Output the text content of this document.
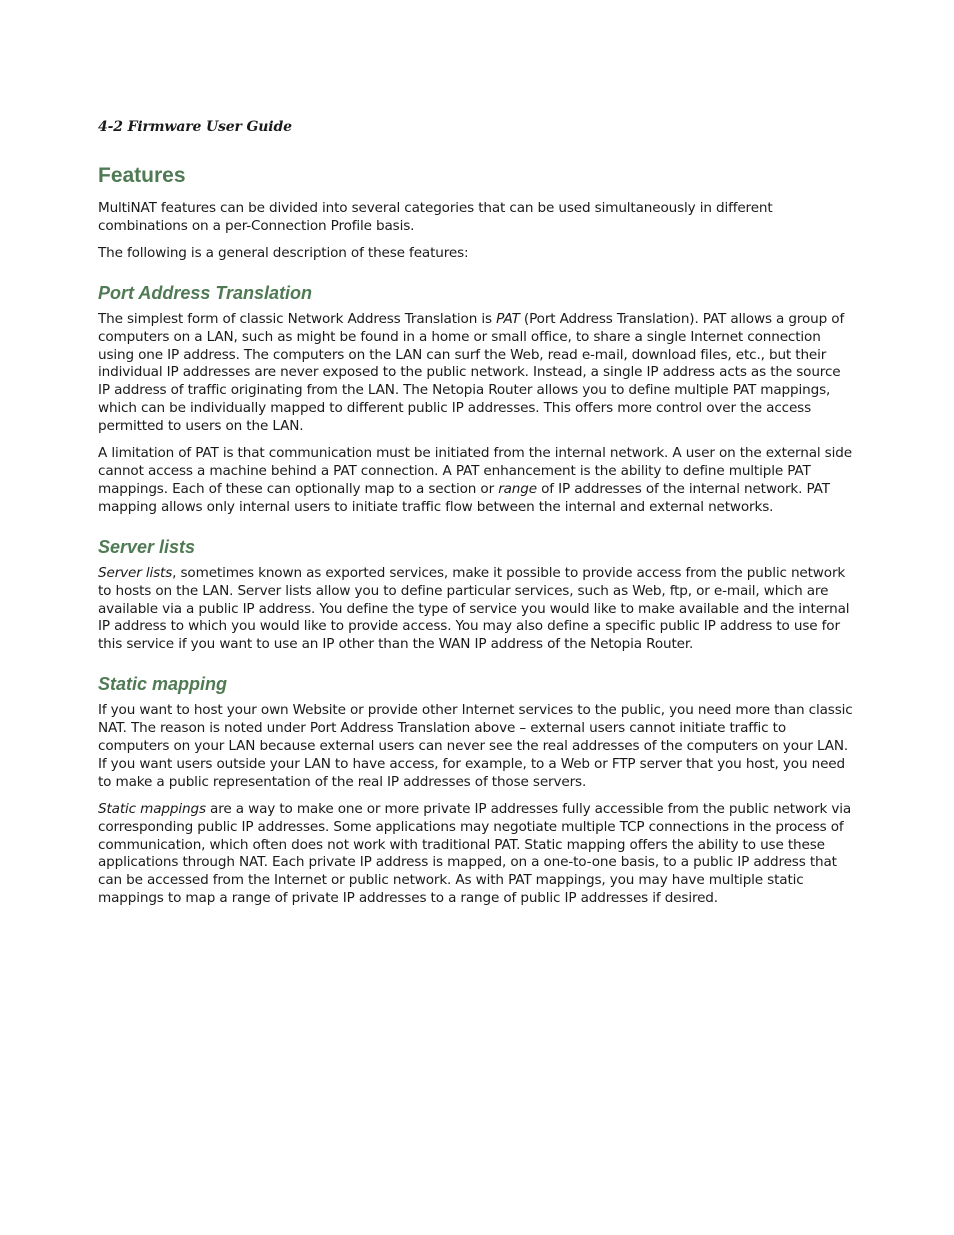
4-2 Firmware User Guide

Features

MultiNAT features can be divided into several categories that can be used simultaneously in different combinations on a per-Connection Profile basis.

The following is a general description of these features:

Port Address Translation

The simplest form of classic Network Address Translation is PAT (Port Address Translation). PAT allows a group of computers on a LAN, such as might be found in a home or small office, to share a single Internet connection using one IP address. The computers on the LAN can surf the Web, read e-mail, download files, etc., but their individual IP addresses are never exposed to the public network. Instead, a single IP address acts as the source IP address of traffic originating from the LAN. The Netopia Router allows you to define multiple PAT mappings, which can be individually mapped to different public IP addresses. This offers more control over the access permitted to users on the LAN.

A limitation of PAT is that communication must be initiated from the internal network. A user on the external side cannot access a machine behind a PAT connection. A PAT enhancement is the ability to define multiple PAT mappings. Each of these can optionally map to a section or range of IP addresses of the internal network. PAT mapping allows only internal users to initiate traffic flow between the internal and external networks.

Server lists

Server lists, sometimes known as exported services, make it possible to provide access from the public network to hosts on the LAN. Server lists allow you to define particular services, such as Web, ftp, or e-mail, which are available via a public IP address. You define the type of service you would like to make available and the internal IP address to which you would like to provide access. You may also define a specific public IP address to use for this service if you want to use an IP other than the WAN IP address of the Netopia Router.

Static mapping

If you want to host your own Website or provide other Internet services to the public, you need more than classic NAT. The reason is noted under Port Address Translation above – external users cannot initiate traffic to computers on your LAN because external users can never see the real addresses of the computers on your LAN. If you want users outside your LAN to have access, for example, to a Web or FTP server that you host, you need to make a public representation of the real IP addresses of those servers.

Static mappings are a way to make one or more private IP addresses fully accessible from the public network via corresponding public IP addresses. Some applications may negotiate multiple TCP connections in the process of communication, which often does not work with traditional PAT. Static mapping offers the ability to use these applications through NAT. Each private IP address is mapped, on a one-to-one basis, to a public IP address that can be accessed from the Internet or public network. As with PAT mappings, you may have multiple static mappings to map a range of private IP addresses to a range of public IP addresses if desired.
